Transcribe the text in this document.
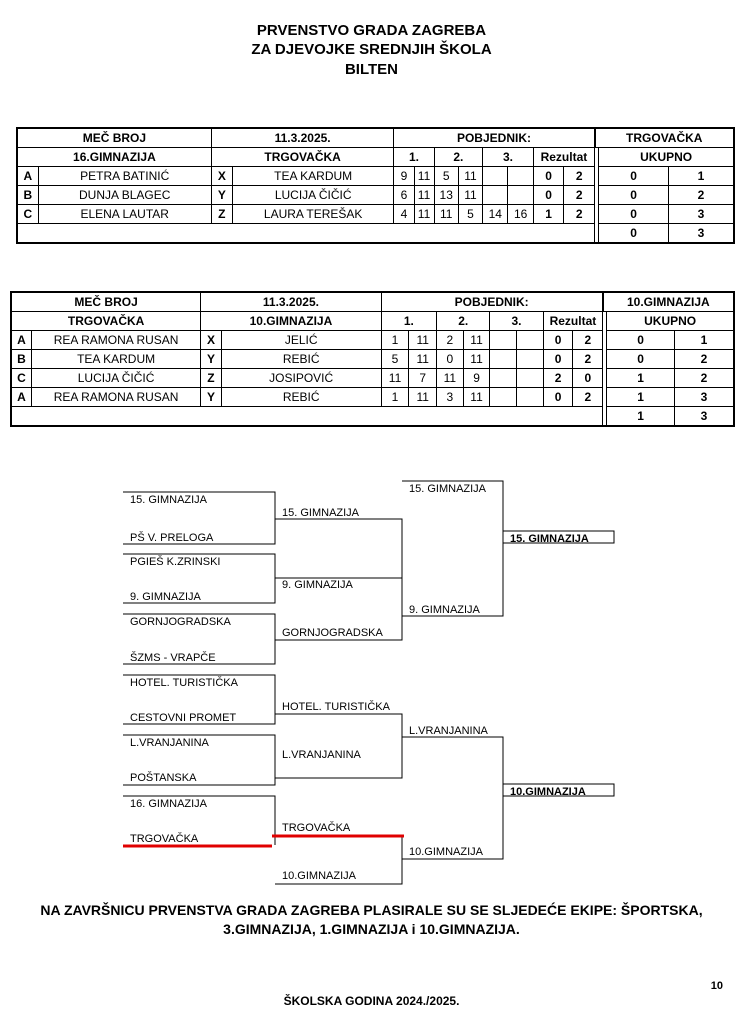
PRVENSTVO GRADA ZAGREBA
ZA DJEVOJKE SREDNJIH ŠKOLA
BILTEN
MEČ BROJ		11.3.2025.		POBJEDNIK:								TRGOVAČKA		
16.GIMNAZIJA		TRGOVAČKA		1.		2.		3.		Rezultat			UKUPNO	
A	PETRA BATINIĆ	X	TEA KARDUM	9	11	5	11			0	2		0	1
B	DUNJA BLAGEC	Y	LUCIJA ČIČIĆ	6	11	13	11			0	2		0	2
C	ELENA LAUTAR	Z	LAURA TEREŠAK	4	11	11	5	14	16	1	2		0	3
													0	3
MEČ BROJ		11.3.2025.		POBJEDNIK:								10.GIMNAZIJA		
TRGOVAČKA		10.GIMNAZIJA		1.		2.		3.		Rezultat			UKUPNO	
A	REA RAMONA RUSAN	X	JELIĆ	1	11	2	11			0	2		0	1
B	TEA KARDUM	Y	REBIĆ	5	11	0	11			0	2		0	2
C	LUCIJA ČIČIĆ	Z	JOSIPOVIĆ	11	7	11	9			2	0		1	2
A	REA RAMONA RUSAN	Y	REBIĆ	1	11	3	11			0	2		1	3
													1	3
15. GIMNAZIJA
PŠ V. PRELOGA
PGIEŠ K.ZRINSKI
9. GIMNAZIJA
GORNJOGRADSKA
ŠZMS - VRAPČE
HOTEL. TURISTIČKA
CESTOVNI PROMET
L.VRANJANINA
POŠTANSKA
16. GIMNAZIJA
TRGOVAČKA
15. GIMNAZIJA
9. GIMNAZIJA
GORNJOGRADSKA
HOTEL. TURISTIČKA
L.VRANJANINA
TRGOVAČKA
10.GIMNAZIJA
15. GIMNAZIJA
9. GIMNAZIJA
L.VRANJANINA
10.GIMNAZIJA
15. GIMNAZIJA
10.GIMNAZIJA
NA ZAVRŠNICU PRVENSTVA GRADA ZAGREBA PLASIRALE SU SE SLJEDEĆE EKIPE: ŠPORTSKA,
3.GIMNAZIJA, 1.GIMNAZIJA i 10.GIMNAZIJA.
10
ŠKOLSKA GODINA 2024./2025.
